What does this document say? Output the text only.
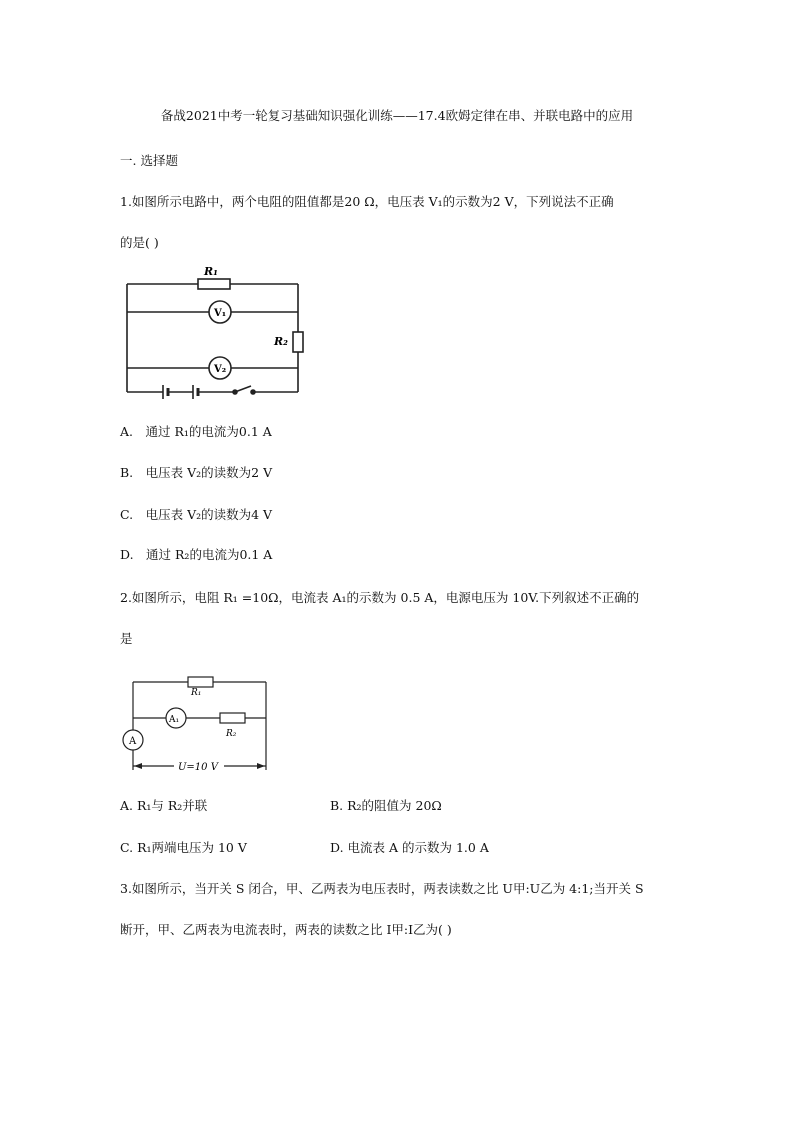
备战2021中考一轮复习基础知识强化训练——17.4欧姆定律在串、并联电路中的应用
一. 选择题
1.如图所示电路中，两个电阻的阻值都是20 Ω，电压表 V₁的示数为2 V，下列说法不正确
的是( )
R₁
R₂
V₁
V₂
A.　通过 R₁的电流为0.1 A
B.　电压表 V₂的读数为2 V
C.　电压表 V₂的读数为4 V
D.　通过 R₂的电流为0.1 A
2.如图所示，电阻 R₁ =10Ω，电流表 A₁的示数为 0.5 A，电源电压为 10V.下列叙述不正确的
是
R₁
R₂
A₁
A
U=10 V
A. R₁与 R₂并联	B. R₂的阻值为 20Ω
C. R₁两端电压为 10 V	D. 电流表 A 的示数为 1.0 A
3.如图所示，当开关 S 闭合，甲、乙两表为电压表时，两表读数之比 U甲:U乙为 4:1;当开关 S
断开，甲、乙两表为电流表时，两表的读数之比 I甲:I乙为( )
